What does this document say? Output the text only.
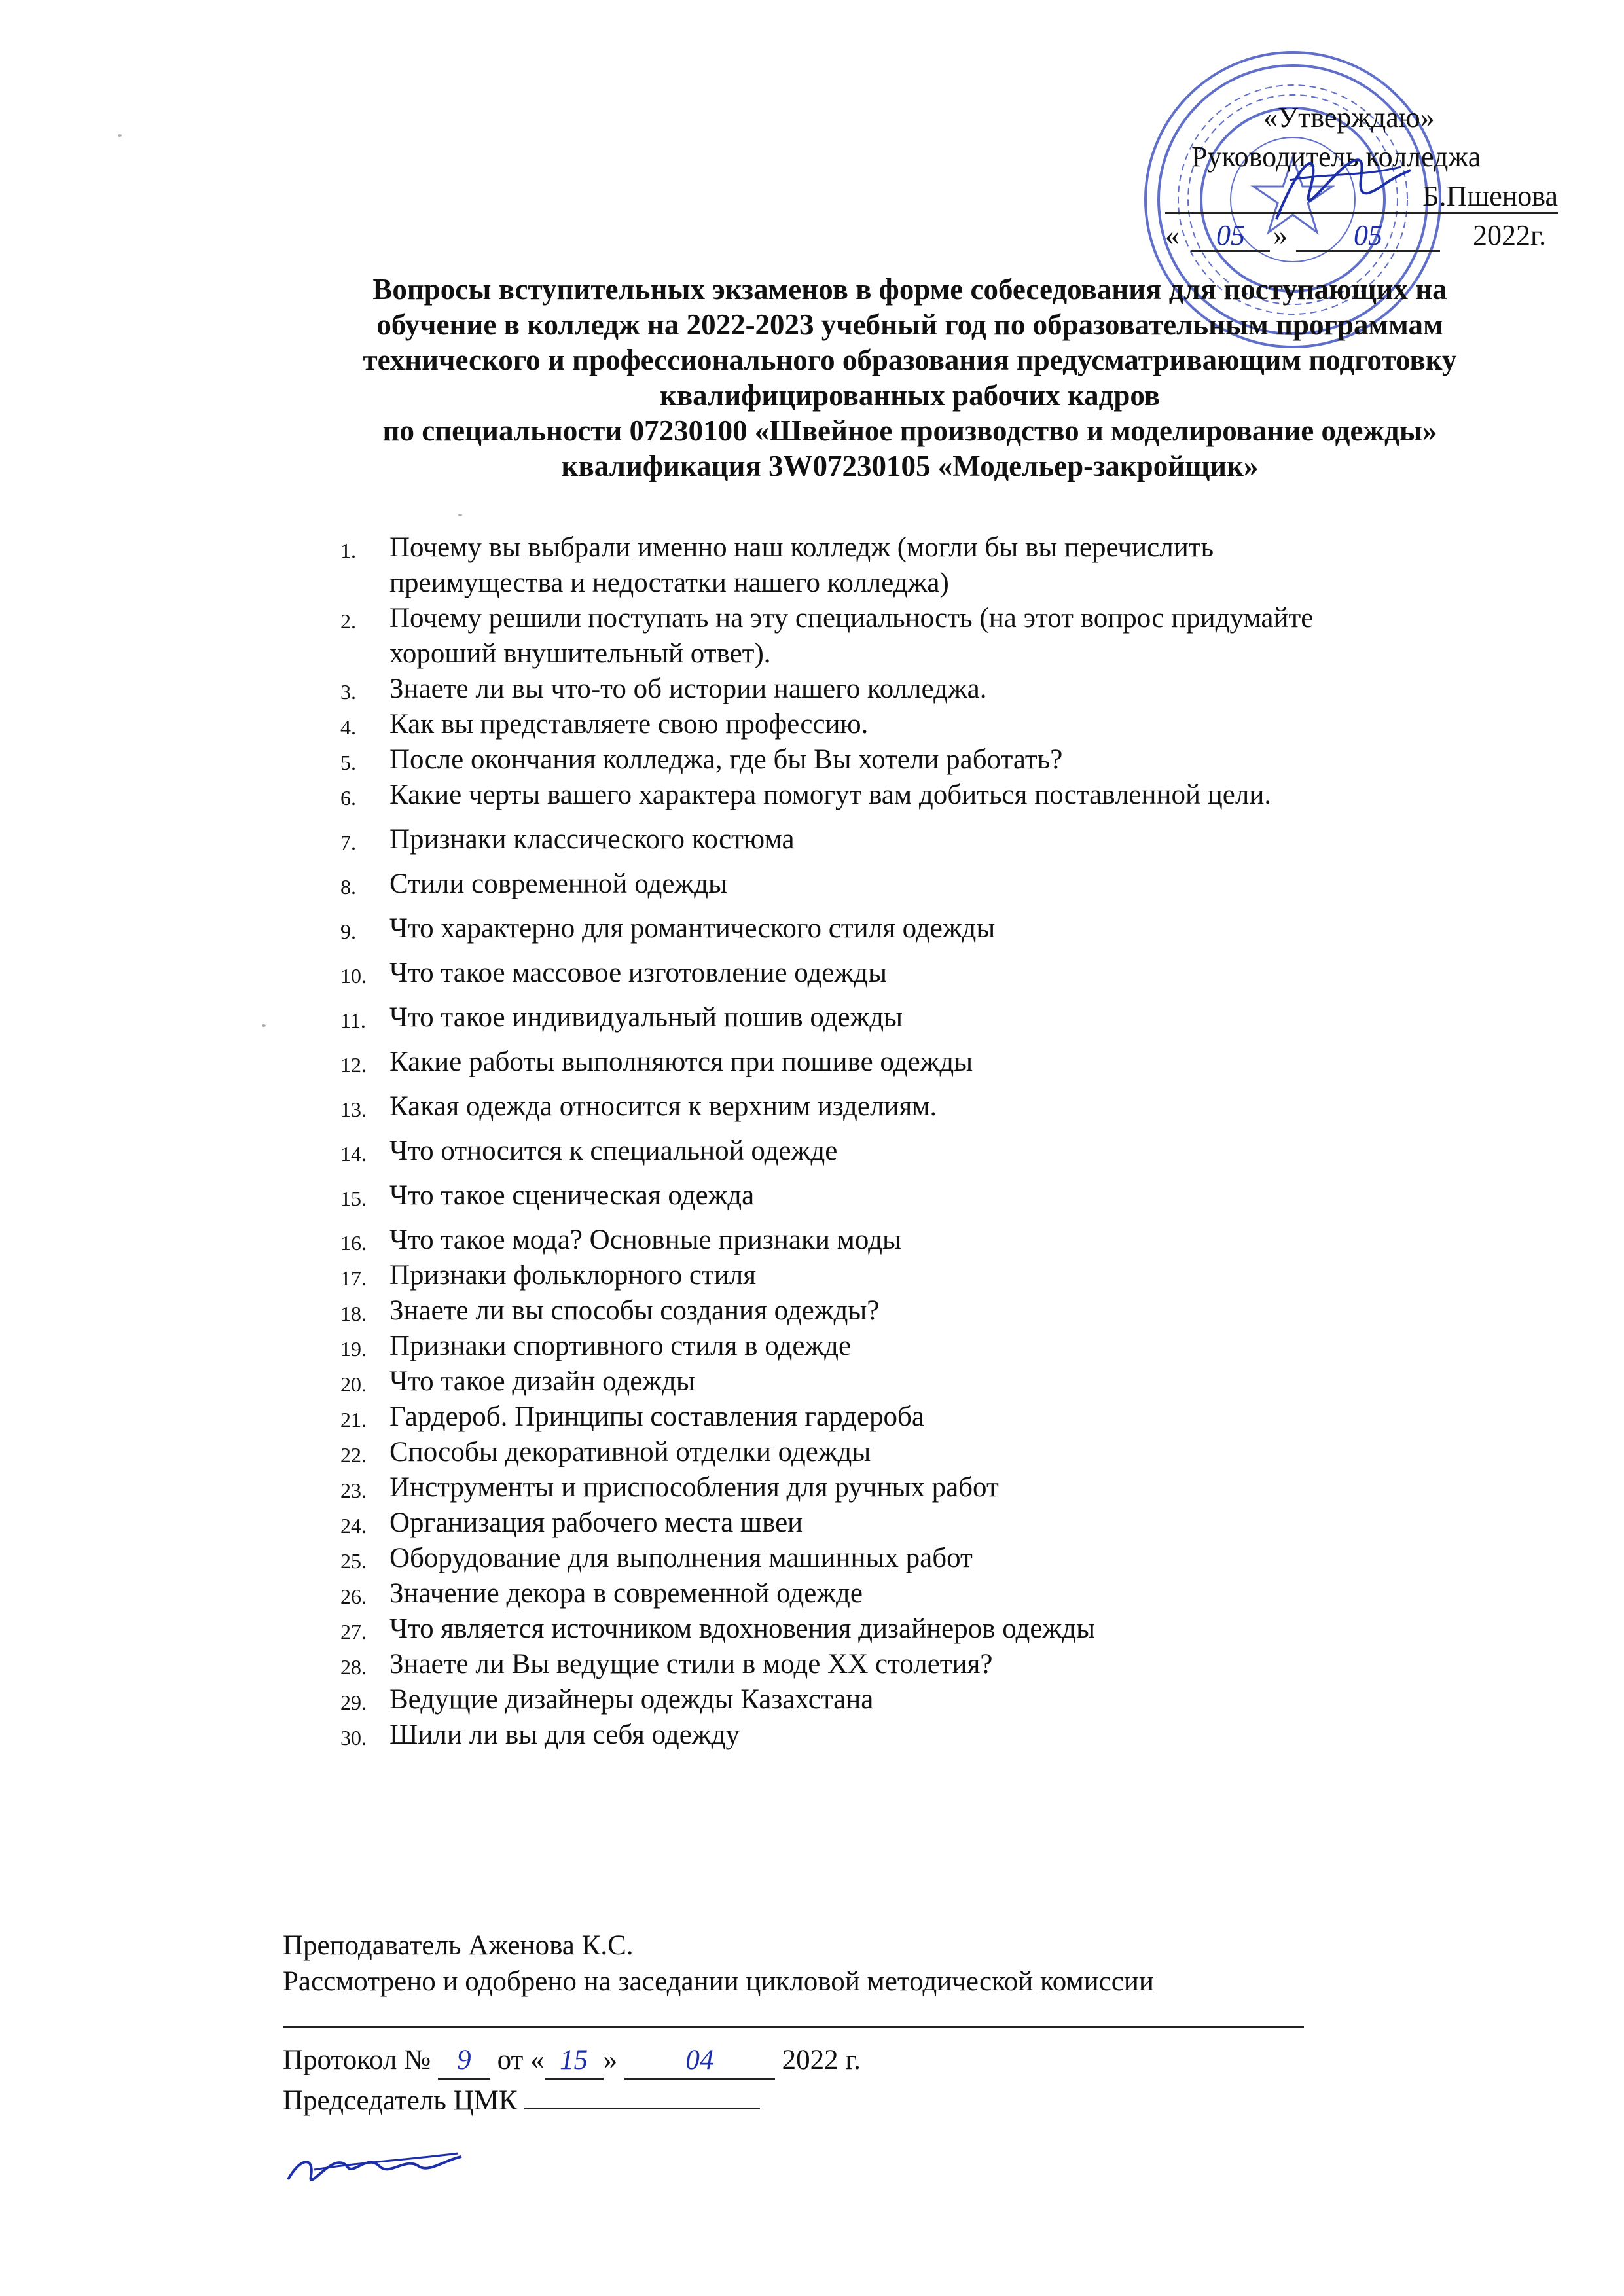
«Утверждаю»
Руководитель колледжа
Б.Пшенова
«	05 »	05	2022г.
Вопросы вступительных экзаменов в форме собеседования для поступающих на
обучение в колледж на 2022-2023 учебный год по образовательным программам
технического и профессионального образования предусматривающим подготовку
квалифицированных рабочих кадров
по специальности 07230100 «Швейное производство и моделирование одежды»
квалификация 3W07230105 «Модельер-закройщик»
1. Почему вы выбрали именно наш колледж (могли бы вы перечислить
преимущества и недостатки нашего колледжа)
2. Почему решили поступать на эту специальность (на этот вопрос придумайте
хороший внушительный ответ).
3. Знаете ли вы что-то об истории нашего колледжа.
4. Как вы представляете свою профессию.
5. После окончания колледжа, где бы Вы хотели работать?
6. Какие черты вашего характера помогут вам добиться поставленной цели.
7. Признаки классического костюма
8. Стили современной одежды
9. Что характерно для романтического стиля одежды
10. Что такое массовое изготовление одежды
11. Что такое индивидуальный пошив одежды
12. Какие работы выполняются при пошиве одежды
13. Какая одежда относится к верхним изделиям.
14. Что относится к специальной одежде
15. Что такое сценическая одежда
16. Что такое мода? Основные признаки моды
17. Признаки фольклорного стиля
18. Знаете ли вы способы создания одежды?
19. Признаки спортивного стиля в одежде
20. Что такое дизайн одежды
21. Гардероб. Принципы составления гардероба
22. Способы декоративной отделки одежды
23. Инструменты и приспособления для ручных работ
24. Организация рабочего места швеи
25. Оборудование для выполнения машинных работ
26. Значение декора в современной одежде
27. Что является источником вдохновения дизайнеров одежды
28. Знаете ли Вы ведущие стили в моде XX столетия?
29. Ведущие дизайнеры одежды Казахстана
30. Шили ли вы для себя одежду
Преподаватель Аженова К.С.
Рассмотрено и одобрено на заседании цикловой методической комиссии
Протокол № 9 от « 15 » 04 2022 г.
Председатель ЦМК
